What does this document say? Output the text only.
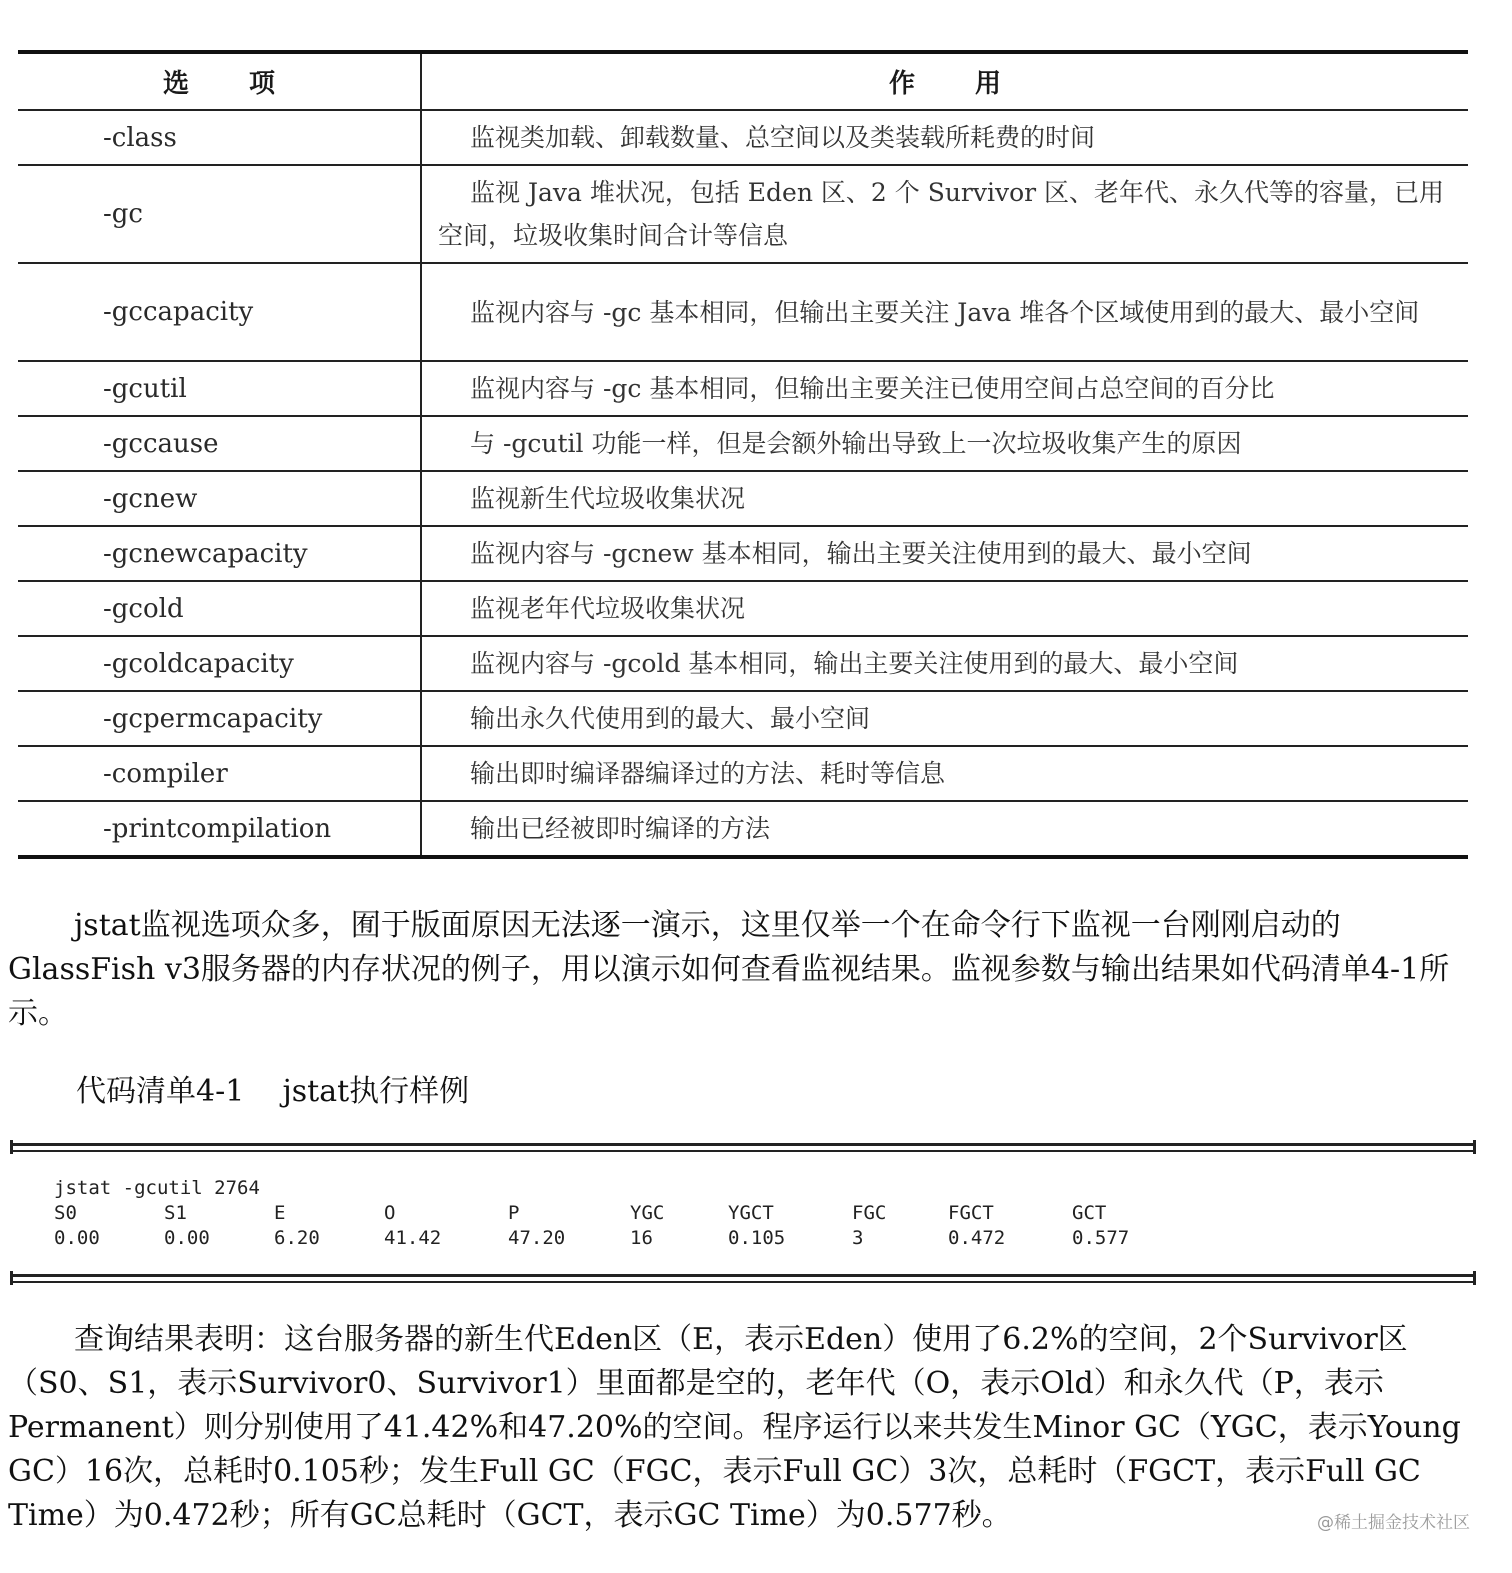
选项	作用
-class	监视类加载、卸载数量、总空间以及类装载所耗费的时间
-gc	监视 Java 堆状况，包括 Eden 区、2 个 Survivor 区、老年代、永久代等的容量，已用空间，垃圾收集时间合计等信息
-gccapacity	监视内容与 -gc 基本相同，但输出主要关注 Java 堆各个区域使用到的最大、最小空间
-gcutil	监视内容与 -gc 基本相同，但输出主要关注已使用空间占总空间的百分比
-gccause	与 -gcutil 功能一样，但是会额外输出导致上一次垃圾收集产生的原因
-gcnew	监视新生代垃圾收集状况
-gcnewcapacity	监视内容与 -gcnew 基本相同，输出主要关注使用到的最大、最小空间
-gcold	监视老年代垃圾收集状况
-gcoldcapacity	监视内容与 -gcold 基本相同，输出主要关注使用到的最大、最小空间
-gcpermcapacity	输出永久代使用到的最大、最小空间
-compiler	输出即时编译器编译过的方法、耗时等信息
-printcompilation	输出已经被即时编译的方法

jstat监视选项众多，囿于版面原因无法逐一演示，这里仅举一个在命令行下监视一台刚刚启动的GlassFish v3服务器的内存状况的例子，用以演示如何查看监视结果。监视参数与输出结果如代码清单4-1所示。

代码清单4-1 jstat执行样例
jstat -gcutil 2764
S0	S1	E	O	P	YGC	YGCT	FGC	FGCT	GCT
0.00	0.00	6.20	41.42	47.20	16	0.105	3	0.472	0.577

查询结果表明：这台服务器的新生代Eden区（E，表示Eden）使用了6.2%的空间，2个Survivor区（S0、S1，表示Survivor0、Survivor1）里面都是空的，老年代（O，表示Old）和永久代（P，表示Permanent）则分别使用了41.42%和47.20%的空间。程序运行以来共发生Minor GC（YGC，表示Young GC）16次，总耗时0.105秒；发生Full GC（FGC，表示Full GC）3次，总耗时（FGCT，表示Full GC Time）为0.472秒；所有GC总耗时（GCT，表示GC Time）为0.577秒。	@稀土掘金技术社区
